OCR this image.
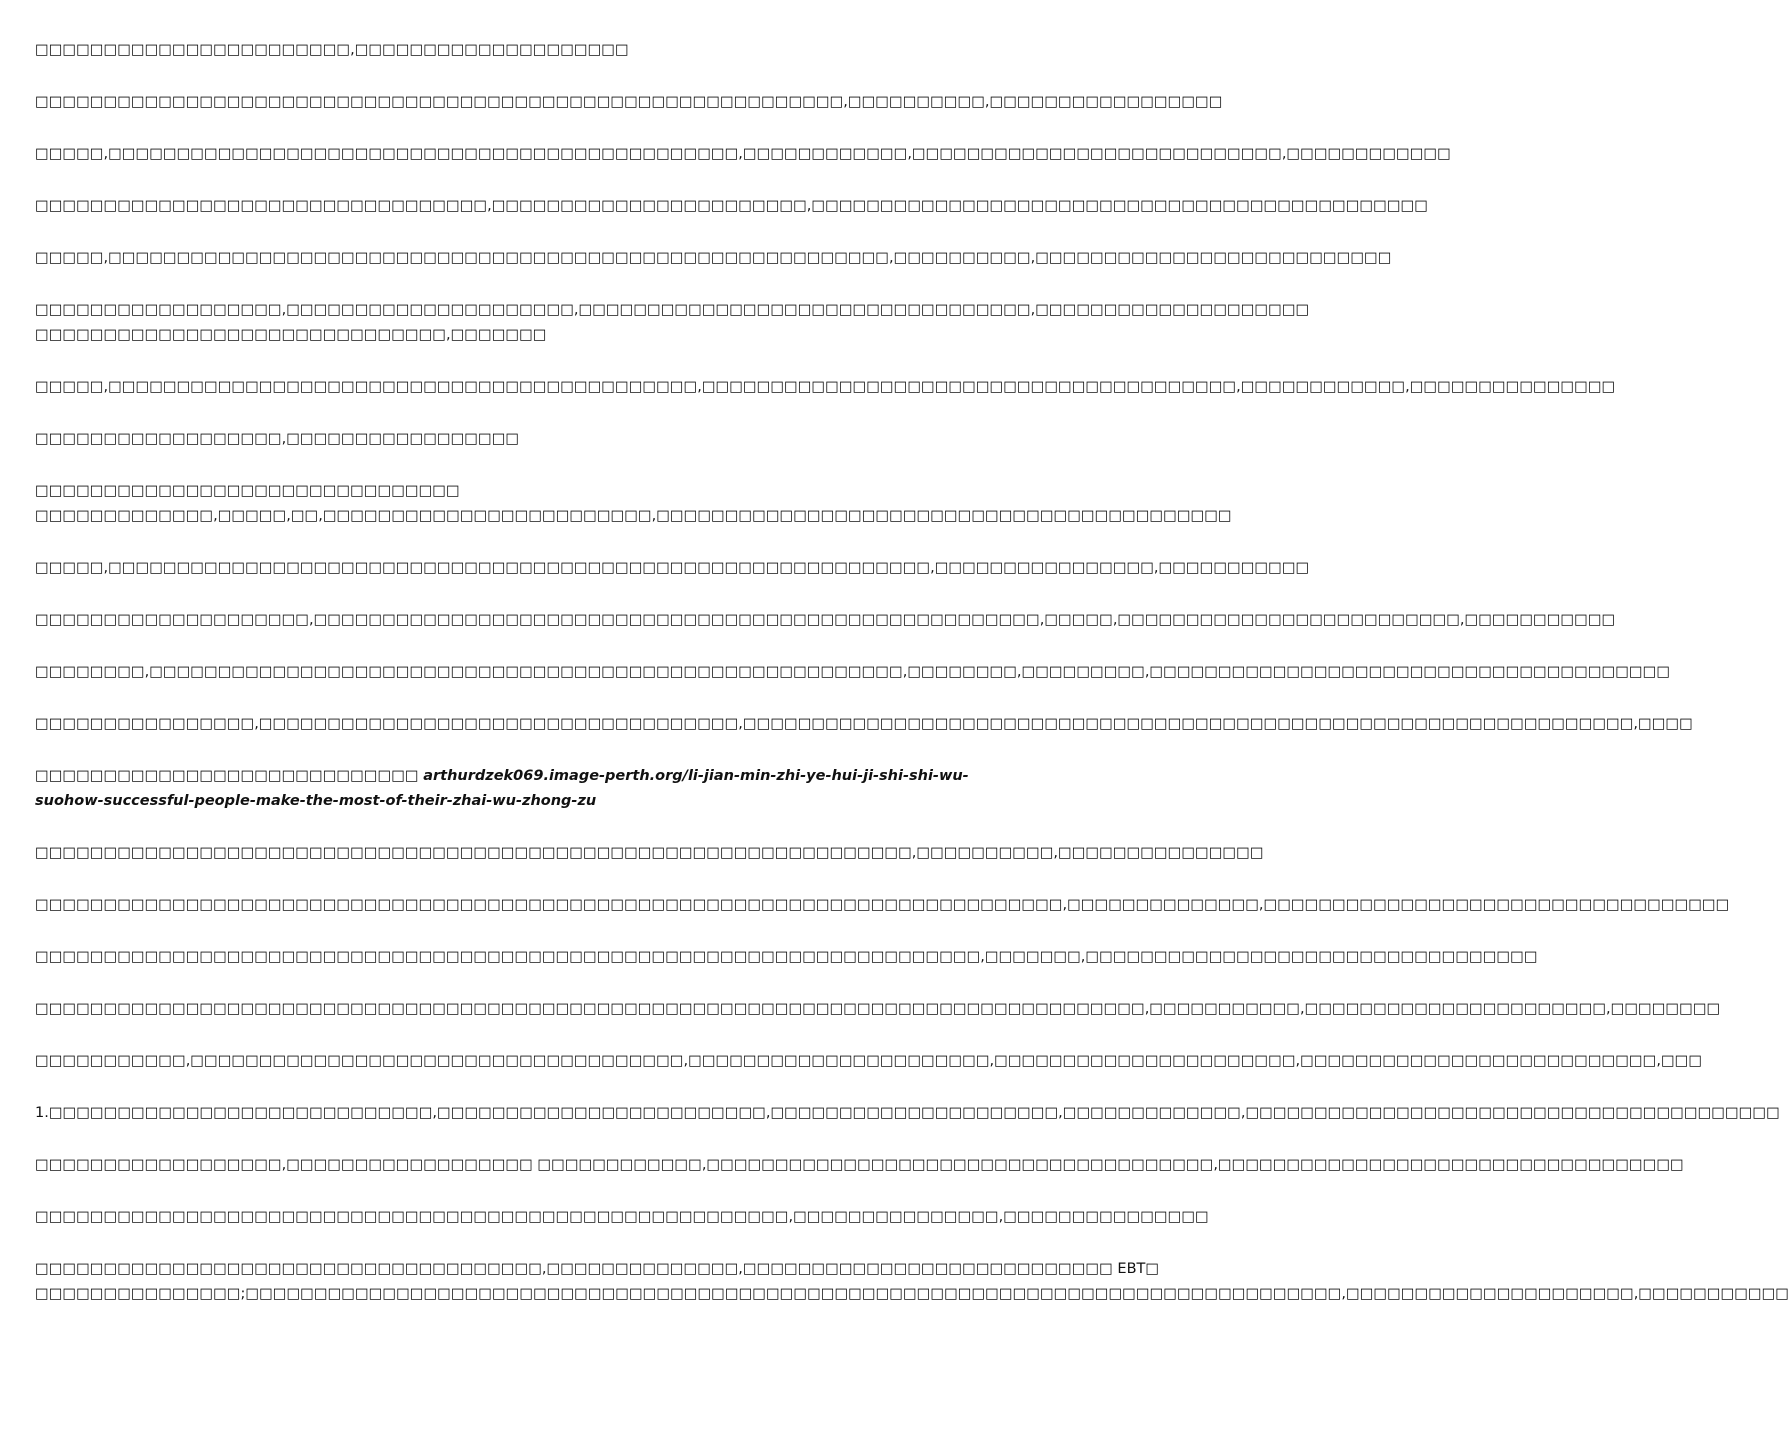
□□□□□□□□□□□□□□□□□□□□□□□,□□□□□□□□□□□□□□□□□□□□

□□□□□□□□□□□□□□□□□□□□□□□□□□□□□□□□□□□□□□□□□□□□□□□□□□□□□□□□□□□,□□□□□□□□□□,□□□□□□□□□□□□□□□□□

□□□□□,□□□□□□□□□□□□□□□□□□□□□□□□□□□□□□□□□□□□□□□□□□□□□□,□□□□□□□□□□□□,□□□□□□□□□□□□□□□□□□□□□□□□□□□,□□□□□□□□□□□□

□□□□□□□□□□□□□□□□□□□□□□□□□□□□□□□□□,□□□□□□□□□□□□□□□□□□□□□□□,□□□□□□□□□□□□□□□□□□□□□□□□□□□□□□□□□□□□□□□□□□□□□

□□□□□,□□□□□□□□□□□□□□□□□□□□□□□□□□□□□□□□□□□□□□□□□□□□□□□□□□□□□□□□□,□□□□□□□□□□,□□□□□□□□□□□□□□□□□□□□□□□□□□

□□□□□□□□□□□□□□□□□□,□□□□□□□□□□□□□□□□□□□□□,□□□□□□□□□□□□□□□□□□□□□□□□□□□□□□□□□,□□□□□□□□□□□□□□□□□□□□
□□□□□□□□□□□□□□□□□□□□□□□□□□□□□□,□□□□□□□

□□□□□,□□□□□□□□□□□□□□□□□□□□□□□□□□□□□□□□□□□□□□□□□□□,□□□□□□□□□□□□□□□□□□□□□□□□□□□□□□□□□□□□□□□,□□□□□□□□□□□□,□□□□□□□□□□□□□□□

□□□□□□□□□□□□□□□□□□,□□□□□□□□□□□□□□□□□

□□□□□□□□□□□□□□□□□□□□□□□□□□□□□□□
□□□□□□□□□□□□□,□□□□□,□□,□□□□□□□□□□□□□□□□□□□□□□□□,□□□□□□□□□□□□□□□□□□□□□□□□□□□□□□□□□□□□□□□□□□

□□□□□,□□□□□□□□□□□□□□□□□□□□□□□□□□□□□□□□□□□□□□□□□□□□□□□□□□□□□□□□□□□□,□□□□□□□□□□□□□□□□,□□□□□□□□□□□

□□□□□□□□□□□□□□□□□□□□,□□□□□□□□□□□□□□□□□□□□□□□□□□□□□□□□□□□□□□□□□□□□□□□□□□□□□,□□□□□,□□□□□□□□□□□□□□□□□□□□□□□□□,□□□□□□□□□□□

□□□□□□□□,□□□□□□□□□□□□□□□□□□□□□□□□□□□□□□□□□□□□□□□□□□□□□□□□□□□□□□□,□□□□□□□□,□□□□□□□□□,□□□□□□□□□□□□□□□□□□□□□□□□□□□□□□□□□□□□□□

□□□□□□□□□□□□□□□□,□□□□□□□□□□□□□□□□□□□□□□□□□□□□□□□□□□□,□□□□□□□□□□□□□□□□□□□□□□□□□□□□□□□□□□□□□□□□□□□□□□□□□□□□□□□□□□□□□□□□□,□□□□

□□□□□□□□□□□□□□□□□□□□□□□□□□□□ arthurdzek069.image-perth.org/li-jian-min-zhi-ye-hui-ji-shi-shi-wu-suohow-successful-people-make-the-most-of-their-zhai-wu-zhong-zu

□□□□□□□□□□□□□□□□□□□□□□□□□□□□□□□□□□□□□□□□□□□□□□□□□□□□□□□□□□□□□□□□,□□□□□□□□□□,□□□□□□□□□□□□□□□

□□□□□□□□□□□□□□□□□□□□□□□□□□□□□□□□□□□□□□□□□□□□□□□□□□□□□□□□□□□□□□□□□□□□□□□□□□□,□□□□□□□□□□□□□□,□□□□□□□□□□□□□□□□□□□□□□□□□□□□□□□□□□

□□□□□□□□□□□□□□□□□□□□□□□□□□□□□□□□□□□□□□□□□□□□□□□□□□□□□□□□□□□□□□□□□□□□□,□□□□□□□,□□□□□□□□□□□□□□□□□□□□□□□□□□□□□□□□□

□□□□□□□□□□□□□□□□□□□□□□□□□□□□□□□□□□□□□□□□□□□□□□□□□□□□□□□□□□□□□□□□□□□□□□□□□□□□□□□□□,□□□□□□□□□□□,□□□□□□□□□□□□□□□□□□□□□□,□□□□□□□□

□□□□□□□□□□□,□□□□□□□□□□□□□□□□□□□□□□□□□□□□□□□□□□□□,□□□□□□□□□□□□□□□□□□□□□□,□□□□□□□□□□□□□□□□□□□□□□,□□□□□□□□□□□□□□□□□□□□□□□□□□,□□□

1.□□□□□□□□□□□□□□□□□□□□□□□□□□□□,□□□□□□□□□□□□□□□□□□□□□□□□,□□□□□□□□□□□□□□□□□□□□□,□□□□□□□□□□□□□,□□□□□□□□□□□□□□□□□□□□□□□□□□□□□□□□□□□□□□□

□□□□□□□□□□□□□□□□□□,□□□□□□□□□□□□□□□□□□ □□□□□□□□□□□□,□□□□□□□□□□□□□□□□□□□□□□□□□□□□□□□□□□□□□,□□□□□□□□□□□□□□□□□□□□□□□□□□□□□□□□□□

□□□□□□□□□□□□□□□□□□□□□□□□□□□□□□□□□□□□□□□□□□□□□□□□□□□□□□□,□□□□□□□□□□□□□□□,□□□□□□□□□□□□□□□

□□□□□□□□□□□□□□□□□□□□□□□□□□□□□□□□□□□□□,□□□□□□□□□□□□□□,□□□□□□□□□□□□□□□□□□□□□□□□□□□ EBT□
□□□□□□□□□□□□□□□;□□□□□□□□□□□□□□□□□□□□□□□□□□□□□□□□□□□□□□□□□□□□□□□□□□□□□□□□□□□□□□□□□□□□□□□□□□□□□□□□,□□□□□□□□□□□□□□□□□□□□□,□□□□□□□□□□□
